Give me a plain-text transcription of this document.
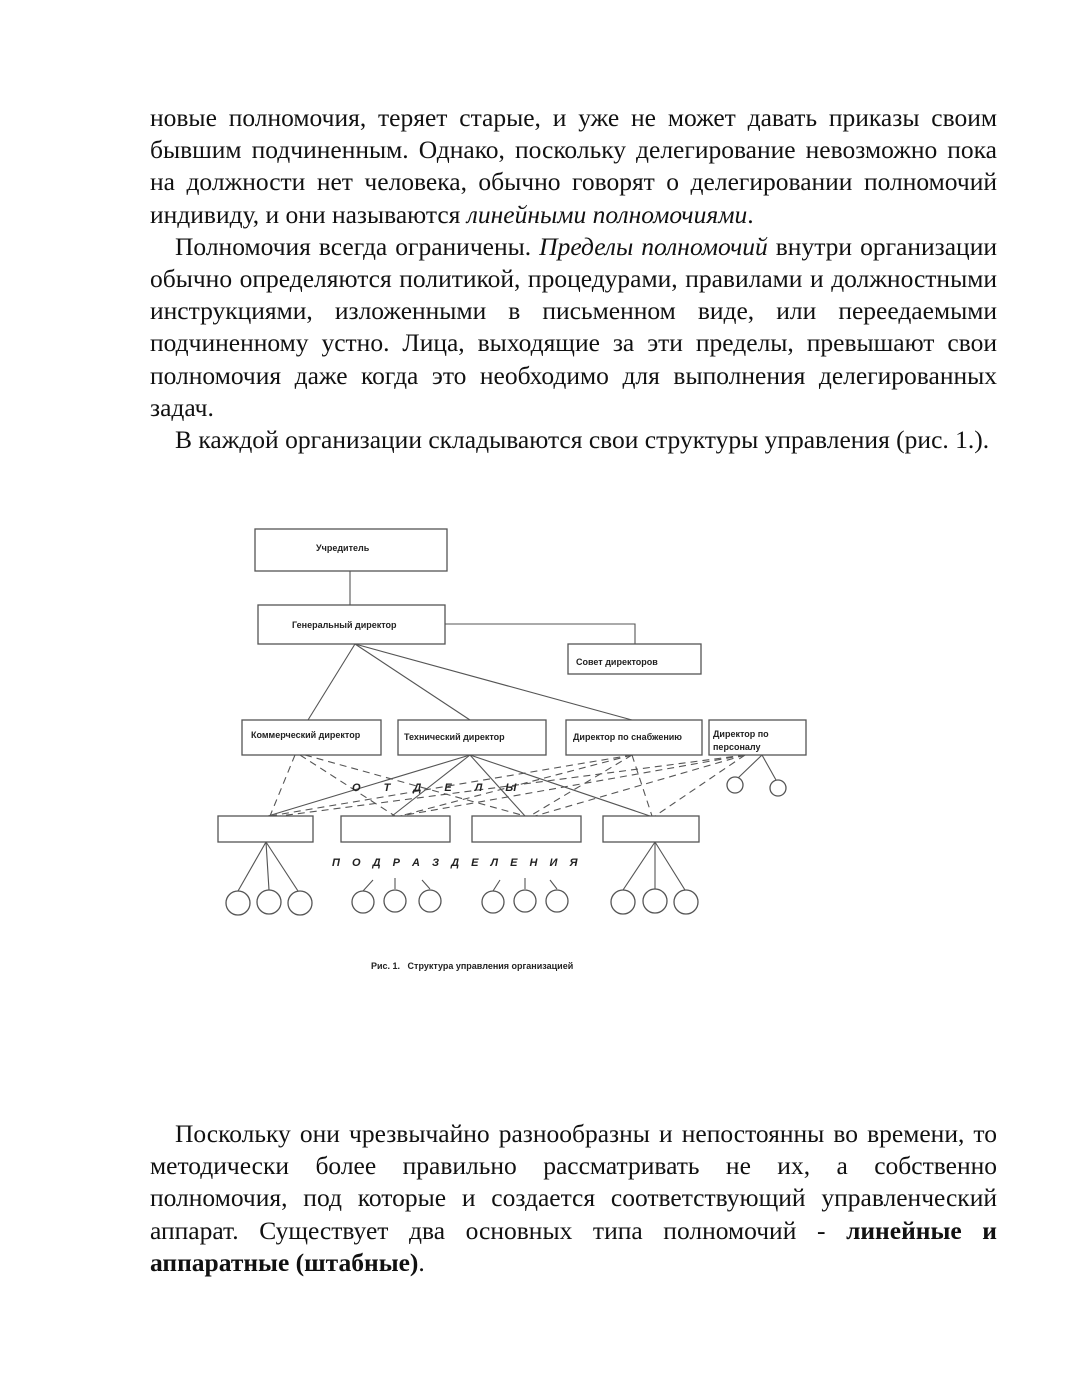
новые полномочия, теряет старые, и уже не может давать приказы своим бывшим подчиненным. Однако, поскольку делегирование невозможно пока на должности нет человека, обычно говорят о делегировании полномочий индивиду, и они называются линейными полномочиями.

Полномочия всегда ограничены. Пределы полномочий внутри организации обычно определяются политикой, процедурами, правилами и должностными инструкциями, изложенными в письменном виде, или переедаемыми подчиненному устно. Лица, выходящие за эти пределы, превышают свои полномочия даже когда это необходимо для выполнения делегированных задач.

В каждой организации складываются свои структуры управления (рис. 1.).

Учредитель
Генеральный директор
Совет директоров
Коммерческий директор	Технический директор	Директор по снабжению	Директор по
персоналу
О Т Д Е Л Ы
П О Д Р А З Д Е Л Е Н И Я
Рис. 1.   Структура управления организацией

Поскольку они чрезвычайно разнообразны и непостоянны во времени, то методически более правильно рассматривать не их, а собственно полномочия, под которые и создается соответствующий управленческий аппарат. Существует два основных типа полномочий - линейные и аппаратные (штабные).
